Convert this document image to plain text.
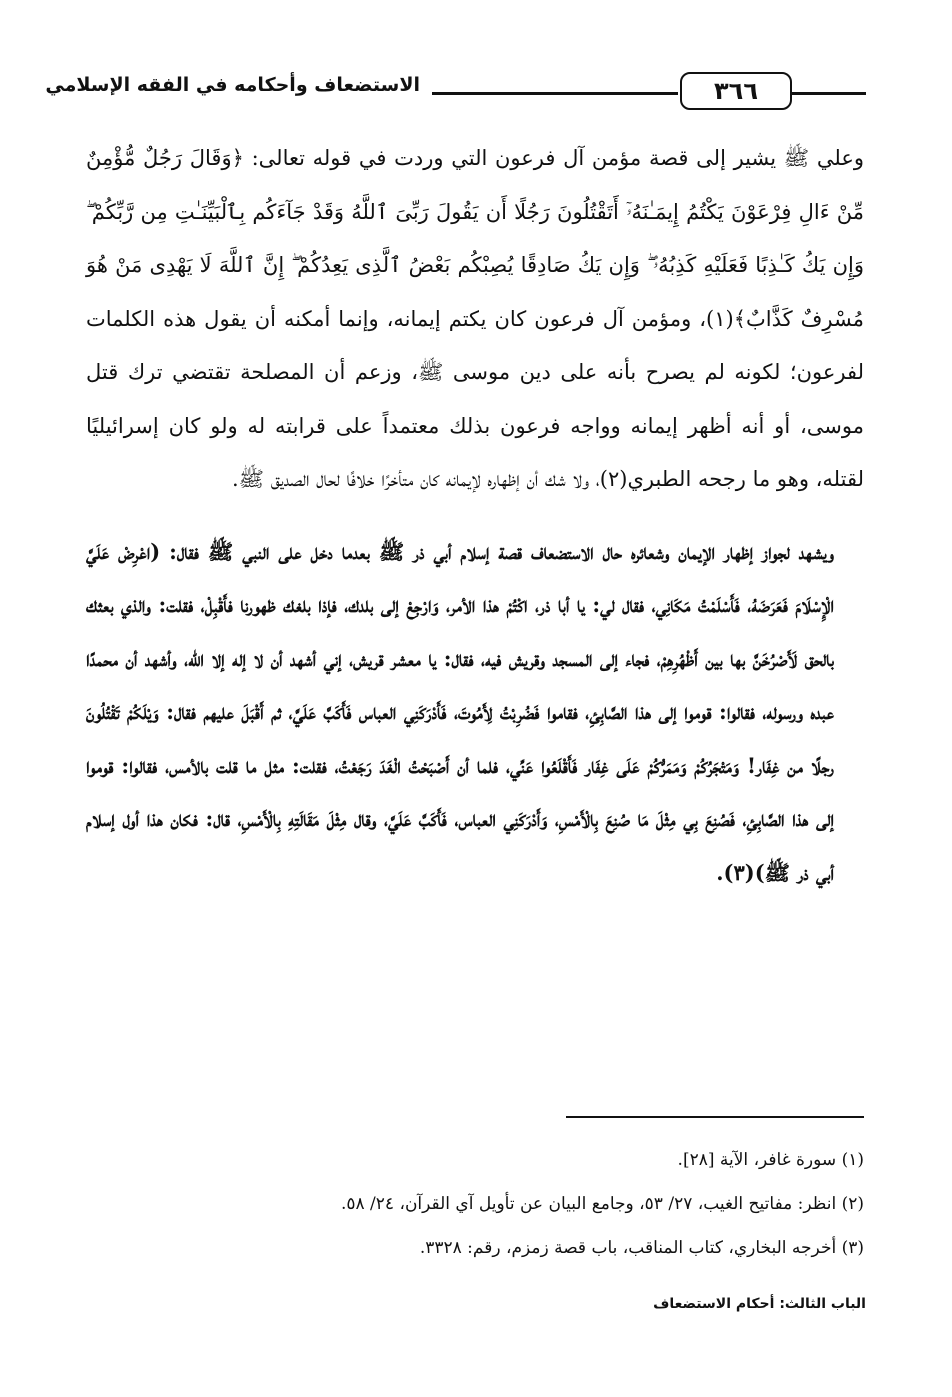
الاستضعاف وأحكامه في الفقه الإسلامي	٣٦٦

وعلي ﷺ يشير إلى قصة مؤمن آل فرعون التي وردت في قوله تعالى: ﴿وَقَالَ رَجُلٌ مُّؤْمِنٌ مِّنْ ءَالِ فِرْعَوْنَ يَكْتُمُ إِيمَـٰنَهُۥٓ أَتَقْتُلُونَ رَجُلًا أَن يَقُولَ رَبِّىَ ٱللَّهُ وَقَدْ جَآءَكُم بِٱلْبَيِّنَـٰتِ مِن رَّبِّكُمْ ۖ وَإِن يَكُ كَـٰذِبًا فَعَلَيْهِ كَذِبُهُۥ ۖ وَإِن يَكُ صَادِقًا يُصِبْكُم بَعْضُ ٱلَّذِى يَعِدُكُمْ ۖ إِنَّ ٱللَّهَ لَا يَهْدِى مَنْ هُوَ مُسْرِفٌ كَذَّابٌ﴾(١)، ومؤمن آل فرعون كان يكتم إيمانه، وإنما أمكنه أن يقول هذه الكلمات لفرعون؛ لكونه لم يصرح بأنه على دين موسى ﷺ، وزعم أن المصلحة تقتضي ترك قتل موسى، أو أنه أظهر إيمانه وواجه فرعون بذلك معتمداً على قرابته له ولو كان إسرائيليًا لقتله، وهو ما رجحه الطبري(٢)، ولا شك أن إظهاره لإيمانه كان متأخرًا خلافًا لحال الصديق ﷺ.

ويشهد لجواز إظهار الإيمان وشعائره حال الاستضعاف قصة إسلام أبي ذر ﷺ بعدما دخل على النبي ﷺ فقال: (اعْرِضْ عَلَيَّ الْإِسْلَامَ فَعَرَضَهُ، فَأَسْلَمْتُ مَكَانِي، فقال لي: يا أبا ذر، اكْتُمْ هذا الأمر، وَارْجِعْ إلى بلدك، فإذا بلغك ظهورنا فأَقْبِلْ، فقلت: والذي بعثك بالحق لَأَصْرُخَنَّ بها بين أَظْهُرِهِمْ، فجاء إلى المسجد وقريش فيه، فقال: يا معشر قريش، إني أشهد أن لا إله إلا الله، وأشهد أن محمدًا عبده ورسوله، فقالوا: قوموا إلى هذا الصَّابِئِ، فقاموا فَضُرِبْتُ لِأَمُوتَ، فَأَدْرَكَنِي العباس فَأَكَبَّ عَلَيَّ، ثم أَقْبَلَ عليهم فقال: وَيْلَكُمْ تَقْتُلُونَ رجلًا من غِفَار! وَمَتْجَرُكُمْ وَمَمَرُّكُمْ عَلَى غِفَار فَأَقْلَعُوا عَنِّي، فلما أن أَصْبَحْتُ الْغَدَ رَجَعْتُ، فقلت: مثل ما قلت بالأمس، فقالوا: قوموا إلى هذا الصَّابِئِ، فَصُنِعَ بِي مِثْلَ مَا صُنِعَ بِالْأَمْسِ، وَأَدْرَكَنِي العباس، فَأَكَبَّ عَلَيَّ، وقال مِثْلَ مَقَالَتِهِ بِالْأَمْسِ، قال: فكان هذا أول إسلام أبي ذر ﷺ)(٣).

(١) سورة غافر، الآية [٢٨].

(٢) انظر: مفاتيح الغيب، ٢٧/ ٥٣، وجامع البيان عن تأويل آي القرآن، ٢٤/ ٥٨.

(٣) أخرجه البخاري، كتاب المناقب، باب قصة زمزم، رقم: ٣٣٢٨.

الباب الثالث: أحكام الاستضعاف
